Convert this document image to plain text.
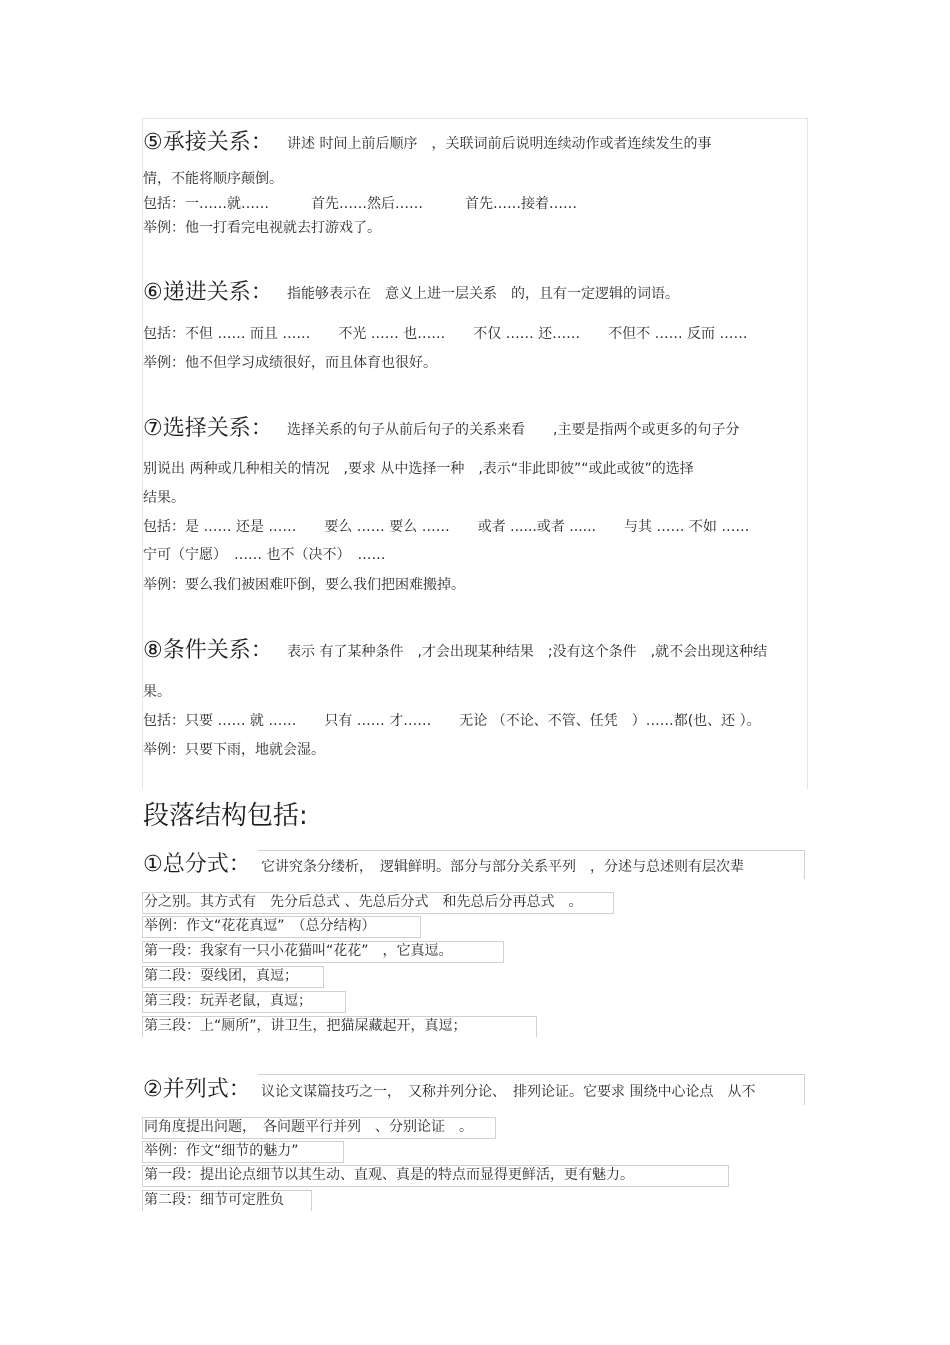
⑤承接关系： 讲述 时间上前后顺序　，关联词前后说明连续动作或者连续发生的事
情，不能将顺序颠倒。
包括：一……就……　　　首先……然后……　　　首先……接着……
举例：他一打看完电视就去打游戏了。
⑥递进关系： 指能够表示在　意义上进一层关系　的，且有一定逻辑的词语。
包括：不但 …… 而且 ……　　不光 …… 也……　　不仅 …… 还……　　不但不 …… 反而 ……
举例：他不但学习成绩很好，而且体育也很好。
⑦选择关系： 选择关系的句子从前后句子的关系来看　　,主要是指两个或更多的句子分
别说出 两种或几种相关的情况　,要求 从中选择一种　,表示“非此即彼”“或此或彼”的选择
结果。
包括：是 …… 还是 ……　　要么 …… 要么 ……　　或者 ......或者 ......　　与其 …… 不如 ……
宁可（宁愿）　…… 也不（决不）　……
举例：要么我们被困难吓倒，要么我们把困难搬掉。
⑧条件关系： 表示 有了某种条件　,才会出现某种结果　;没有这个条件　,就不会出现这种结
果。
包括：只要 …… 就 ……　　只有 …… 才……　　无论 （不论、不管、任凭　）……都(也、还 ）。
举例：只要下雨，地就会湿。
段落结构包括:
①总分式： 它讲究条分缕析，　逻辑鲜明。部分与部分关系平列　，分述与总述则有层次辈
分之别。其方式有　先分后总式 、先总后分式　和先总后分再总式　。
举例：作文“花花真逗”　（总分结构）
第一段：我家有一只小花猫叫“花花”　，它真逗。
第二段：耍线团，真逗；
第三段：玩弄老鼠，真逗；
第三段：上“厕所”，讲卫生，把猫屎藏起开，真逗；
②并列式： 议论文谋篇技巧之一，　又称并列分论、　排列论证。它要求 围绕中心论点　从不
同角度提出问题，　各问题平行并列　、分别论证　。
举例：作文“细节的魅力”
第一段：提出论点细节以其生动、直观、真是的特点而显得更鲜活，更有魅力。
第二段：细节可定胜负
